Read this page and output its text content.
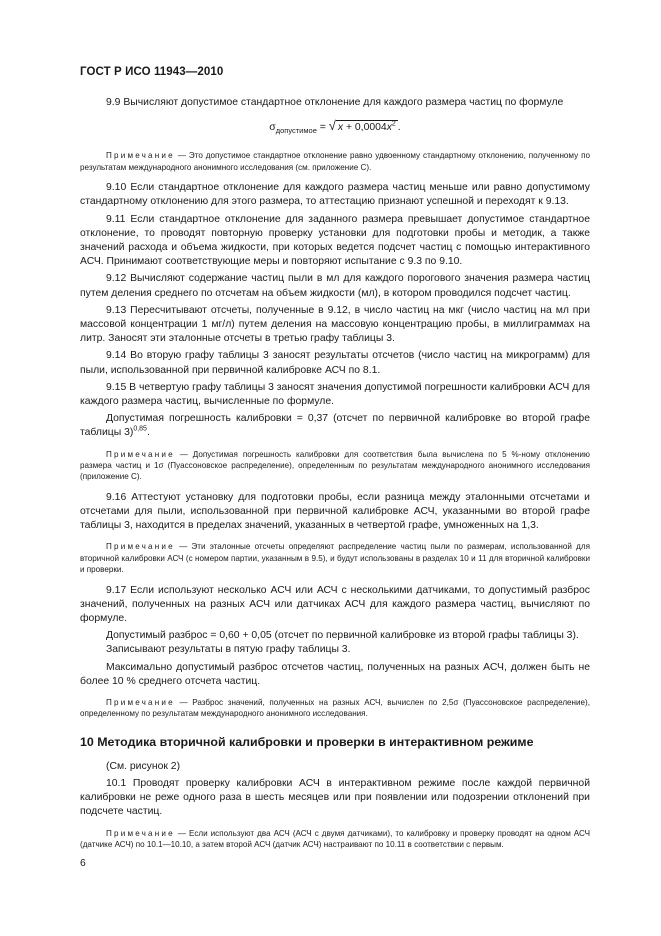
ГОСТ Р ИСО 11943—2010

9.9 Вычисляют допустимое стандартное отклонение для каждого размера частиц по формуле

$\sigma_{допустимое}$ = √ $x + 0,0004x^2$ .
Примечание — Это допустимое стандартное отклонение равно удвоенному стандартному отклонению, полученному по результатам международного анонимного исследования (см. приложение С).

9.10 Если стандартное отклонение для каждого размера частиц меньше или равно допустимому стандартному отклонению для этого размера, то аттестацию признают успешной и переходят к 9.13.

9.11 Если стандартное отклонение для заданного размера превышает допустимое стандартное отклонение, то проводят повторную проверку установки для подготовки пробы и методик, а также значений расхода и объема жидкости, при которых ведется подсчет частиц с помощью интерактивного АСЧ. Принимают соответствующие меры и повторяют испытание с 9.3 по 9.10.

9.12 Вычисляют содержание частиц пыли в мл для каждого порогового значения размера частиц путем деления среднего по отсчетам на объем жидкости (мл), в котором проводился подсчет частиц.

9.13 Пересчитывают отсчеты, полученные в 9.12, в число частиц на мкг (число частиц на мл при массовой концентрации 1 мг/л) путем деления на массовую концентрацию пробы, в миллиграммах на литр. Заносят эти эталонные отсчеты в третью графу таблицы 3.

9.14 Во вторую графу таблицы 3 заносят результаты отсчетов (число частиц на микрограмм) для пыли, использованной при первичной калибровке АСЧ по 8.1.

9.15 В четвертую графу таблицы 3 заносят значения допустимой погрешности калибровки АСЧ для каждого размера частиц, вычисленные по формуле.

Допустимая погрешность калибровки = 0,37 (отсчет по первичной калибровке во второй графе таблицы 3)$^{0,85}$.

Примечание — Допустимая погрешность калибровки для соответствия была вычислена по 5 %-ному отклонению размера частиц и 1σ (Пуассоновское распределение), определенным по результатам международного анонимного исследования (приложение С).

9.16 Аттестуют установку для подготовки пробы, если разница между эталонными отсчетами и отсчетами для пыли, использованной при первичной калибровке АСЧ, указанными во второй графе таблицы 3, находится в пределах значений, указанных в четвертой графе, умноженных на 1,3.

Примечание — Эти эталонные отсчеты определяют распределение частиц пыли по размерам, использованной для вторичной калибровки АСЧ (с номером партии, указанным в 9.5), и будут использованы в разделах 10 и 11 для вторичной калибровки и проверки.

9.17 Если используют несколько АСЧ или АСЧ с несколькими датчиками, то допустимый разброс значений, полученных на разных АСЧ или датчиках АСЧ для каждого размера частиц, вычисляют по формуле.

Допустимый разброс = 0,60 + 0,05 (отсчет по первичной калибровке из второй графы таблицы 3).

Записывают результаты в пятую графу таблицы 3.

Максимально допустимый разброс отсчетов частиц, полученных на разных АСЧ, должен быть не более 10 % среднего отсчета частиц.

Примечание — Разброс значений, полученных на разных АСЧ, вычислен по 2,5σ (Пуассоновское распределение), определенному по результатам международного анонимного исследования.
10 Методика вторичной калибровки и проверки в интерактивном режиме

(См. рисунок 2)

10.1 Проводят проверку калибровки АСЧ в интерактивном режиме после каждой первичной калибровки не реже одного раза в шесть месяцев или при появлении или подозрении отклонений при подсчете частиц.

Примечание — Если используют два АСЧ (АСЧ с двумя датчиками), то калибровку и проверку проводят на одном АСЧ (датчике АСЧ) по 10.1—10.10, а затем второй АСЧ (датчик АСЧ) настраивают по 10.11 в соответствии с первым.
6
